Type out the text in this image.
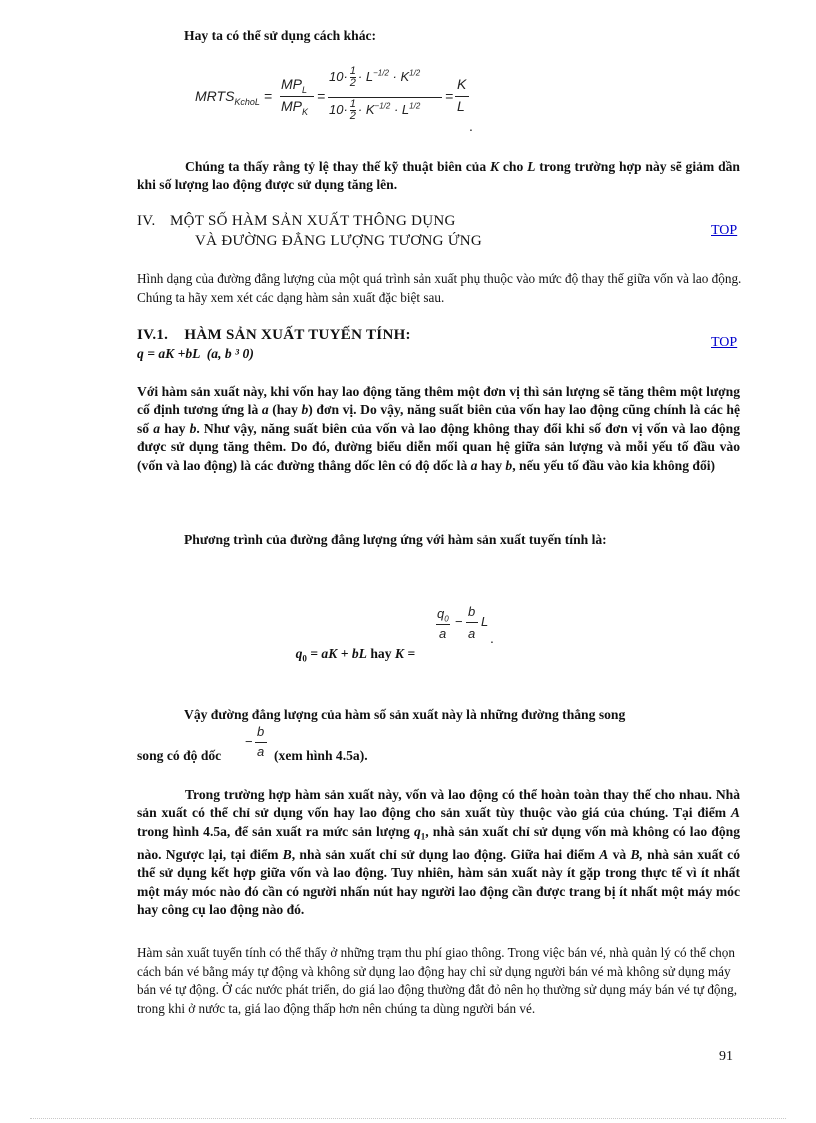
Hay ta có thể sử dụng cách khác:
$MRTS_{KchoL}$ =
$MP_L$
$MP_K$
=
$10\cdot \frac{1}{2} \cdot L^{-1/2} \cdot K^{1/2}$
$10\cdot \frac{1}{2} \cdot K^{-1/2} \cdot L^{1/2}$
=
K
L
.
Chúng ta thấy rằng tỷ lệ thay thế kỹ thuật biên của K cho L trong trường hợp này sẽ giảm dần khi số lượng lao động được sử dụng tăng lên.
IV. MỘT SỐ HÀM SẢN XUẤT THÔNG DỤNG
VÀ ĐƯỜNG ĐẲNG LƯỢNG TƯƠNG ỨNG
TOP
Hình dạng của đường đẳng lượng của một quá trình sản xuất phụ thuộc vào mức độ thay thế giữa vốn và lao động. Chúng ta hãy xem xét các dạng hàm sản xuất đặc biệt sau.
IV.1.    HÀM SẢN XUẤT TUYẾN TÍNH:
q = aK +bL  (a, b ³ 0)
TOP
Với hàm sản xuất này, khi vốn hay lao động tăng thêm một đơn vị thì sản lượng sẽ tăng thêm một lượng cố định tương ứng là a (hay b) đơn vị. Do vậy, năng suất biên của vốn hay lao động cũng chính là các hệ số a hay b. Như vậy, năng suất biên của vốn và lao động không thay đổi khi số đơn vị vốn và lao động được sử dụng tăng thêm. Do đó, đường biểu diễn mối quan hệ giữa sản lượng và mỗi yếu tố đầu vào (vốn và lao động) là các đường thẳng dốc lên có độ dốc là a hay b, nếu yếu tố đầu vào kia không đổi)
Phương trình của đường đẳng lượng ứng với hàm sản xuất tuyến tính là:

$q_0$ = aK + bL hay K =

$q_0$
a
−
b
a
L
.
Vậy đường đẳng lượng của hàm số sản xuất này là những đường thẳng song
song có độ dốc
−
b
a (xem hình 4.5a).
Trong trường hợp hàm sản xuất này, vốn và lao động có thể hoàn toàn thay thế cho nhau. Nhà sản xuất có thể chỉ sử dụng vốn hay lao động cho sản xuất tùy thuộc vào giá của chúng. Tại điểm A trong hình 4.5a, để sản xuất ra mức sản lượng $q_1$, nhà sản xuất chỉ sử dụng vốn mà không có lao động nào. Ngược lại, tại điểm B, nhà sản xuất chỉ sử dụng lao động. Giữa hai điểm A và B, nhà sản xuất có thể sử dụng kết hợp giữa vốn và lao động. Tuy nhiên, hàm sản xuất này ít gặp trong thực tế vì ít nhất một máy móc nào đó cần có người nhấn nút hay người lao động cần được trang bị ít nhất một máy móc hay công cụ lao động nào đó.
Hàm sản xuất tuyến tính có thể thấy ở những trạm thu phí giao thông. Trong việc bán vé, nhà quản lý có thể chọn cách bán vé bằng máy tự động và không sử dụng lao động hay chỉ sử dụng người bán vé mà không sử dụng máy bán vé tự động. Ở các nước phát triển, do giá lao động thường đắt đỏ nên họ thường sử dụng máy bán vé tự động, trong khi ở nước ta, giá lao động thấp hơn nên chúng ta dùng người bán vé.
91
